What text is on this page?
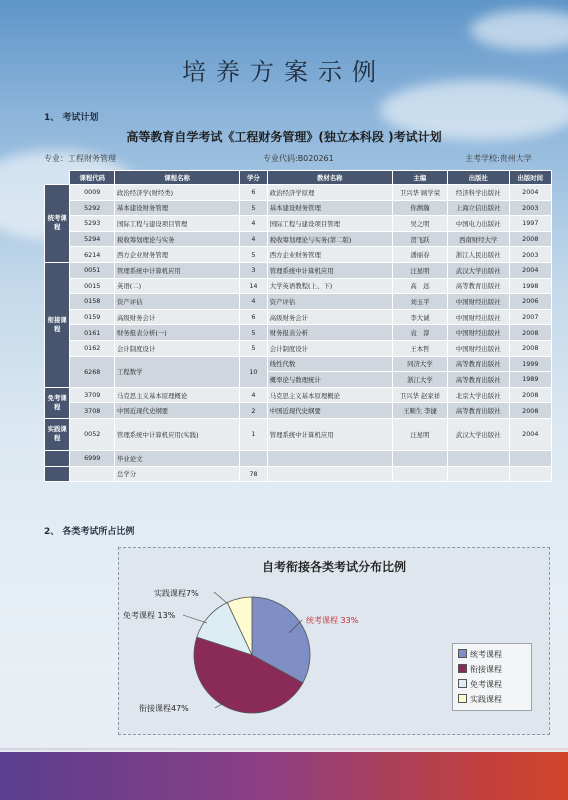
培养方案示例
1、 考试计划
高等教育自学考试《工程财务管理》(独立本科段 )考试计划
专业：工程财务管理	专业代码:B020261	主考学校:贵州大学
	课程代码	课程名称	学分	教材名称	主编	出版社	出版时间
统考课程	0009	政治经济学(财经类)	6	政治经济学原理	卫兴华 顾学荣	经济科学出版社	2004
	5292	基本建设财务管理	5	基本建设财务管理	你测瀚	上海立信出版社	2003
	5293	国际工程与建设项目管理	4	国际工程与建设项目管理	吴之明	中国电力出版社	1997
	5294	税收筹划理论与实务	4	税收筹划理论与实务(第二版)	贺飞跃	西南财经大学	2008
	6214	西方企业财务管理	5	西方企业财务管理	潘丽春	浙江人民出版社	2003
衔接课程	0051	管理系统中计算机应用	3	管理系统中计算机应用	汪星明	武汉大学出版社	2004
	0015	英语(二)	14	大学英语教程(上、下)	高　远	高等教育出版社	1998
	0158	资产评估	4	资产评估	刘玉平	中国财经出版社	2006
	0159	高级财务会计	6	高级财务会计	李大诚	中国财经出版社	2007
	0161	财务报表分析(一)	5	财务报表分析	袁　淳	中国财经出版社	2008
	0162	会计制度设计	5	会计制度设计	王本哲	中国财经出版社	2008
	6268	工程数学	10	线性代数	同济大学	高等教育出版社	1999
				概率论与数理统计	浙江大学	高等教育出版社	1989
免考课程	3709	马克思主义基本原理概论	4	马克思主义基本原理概论	卫兴华 赵家祥	北京大学出版社	2008
	3708	中国近现代史纲要	2	中国近现代史纲要	王顺生 李捷	高等教育出版社	2008
实践课程	0052	管理系统中计算机应用(实践)	1	管理系统中计算机应用	汪星明	武汉大学出版社	2004
	6999	毕业论文					
		总学分	78				
2、 各类考试所占比例
自考衔接各类考试分布比例
统考课程 33%
衔接课程47%
免考课程 13%
实践课程7%
统考课程
衔接课程
免考课程
实践课程
